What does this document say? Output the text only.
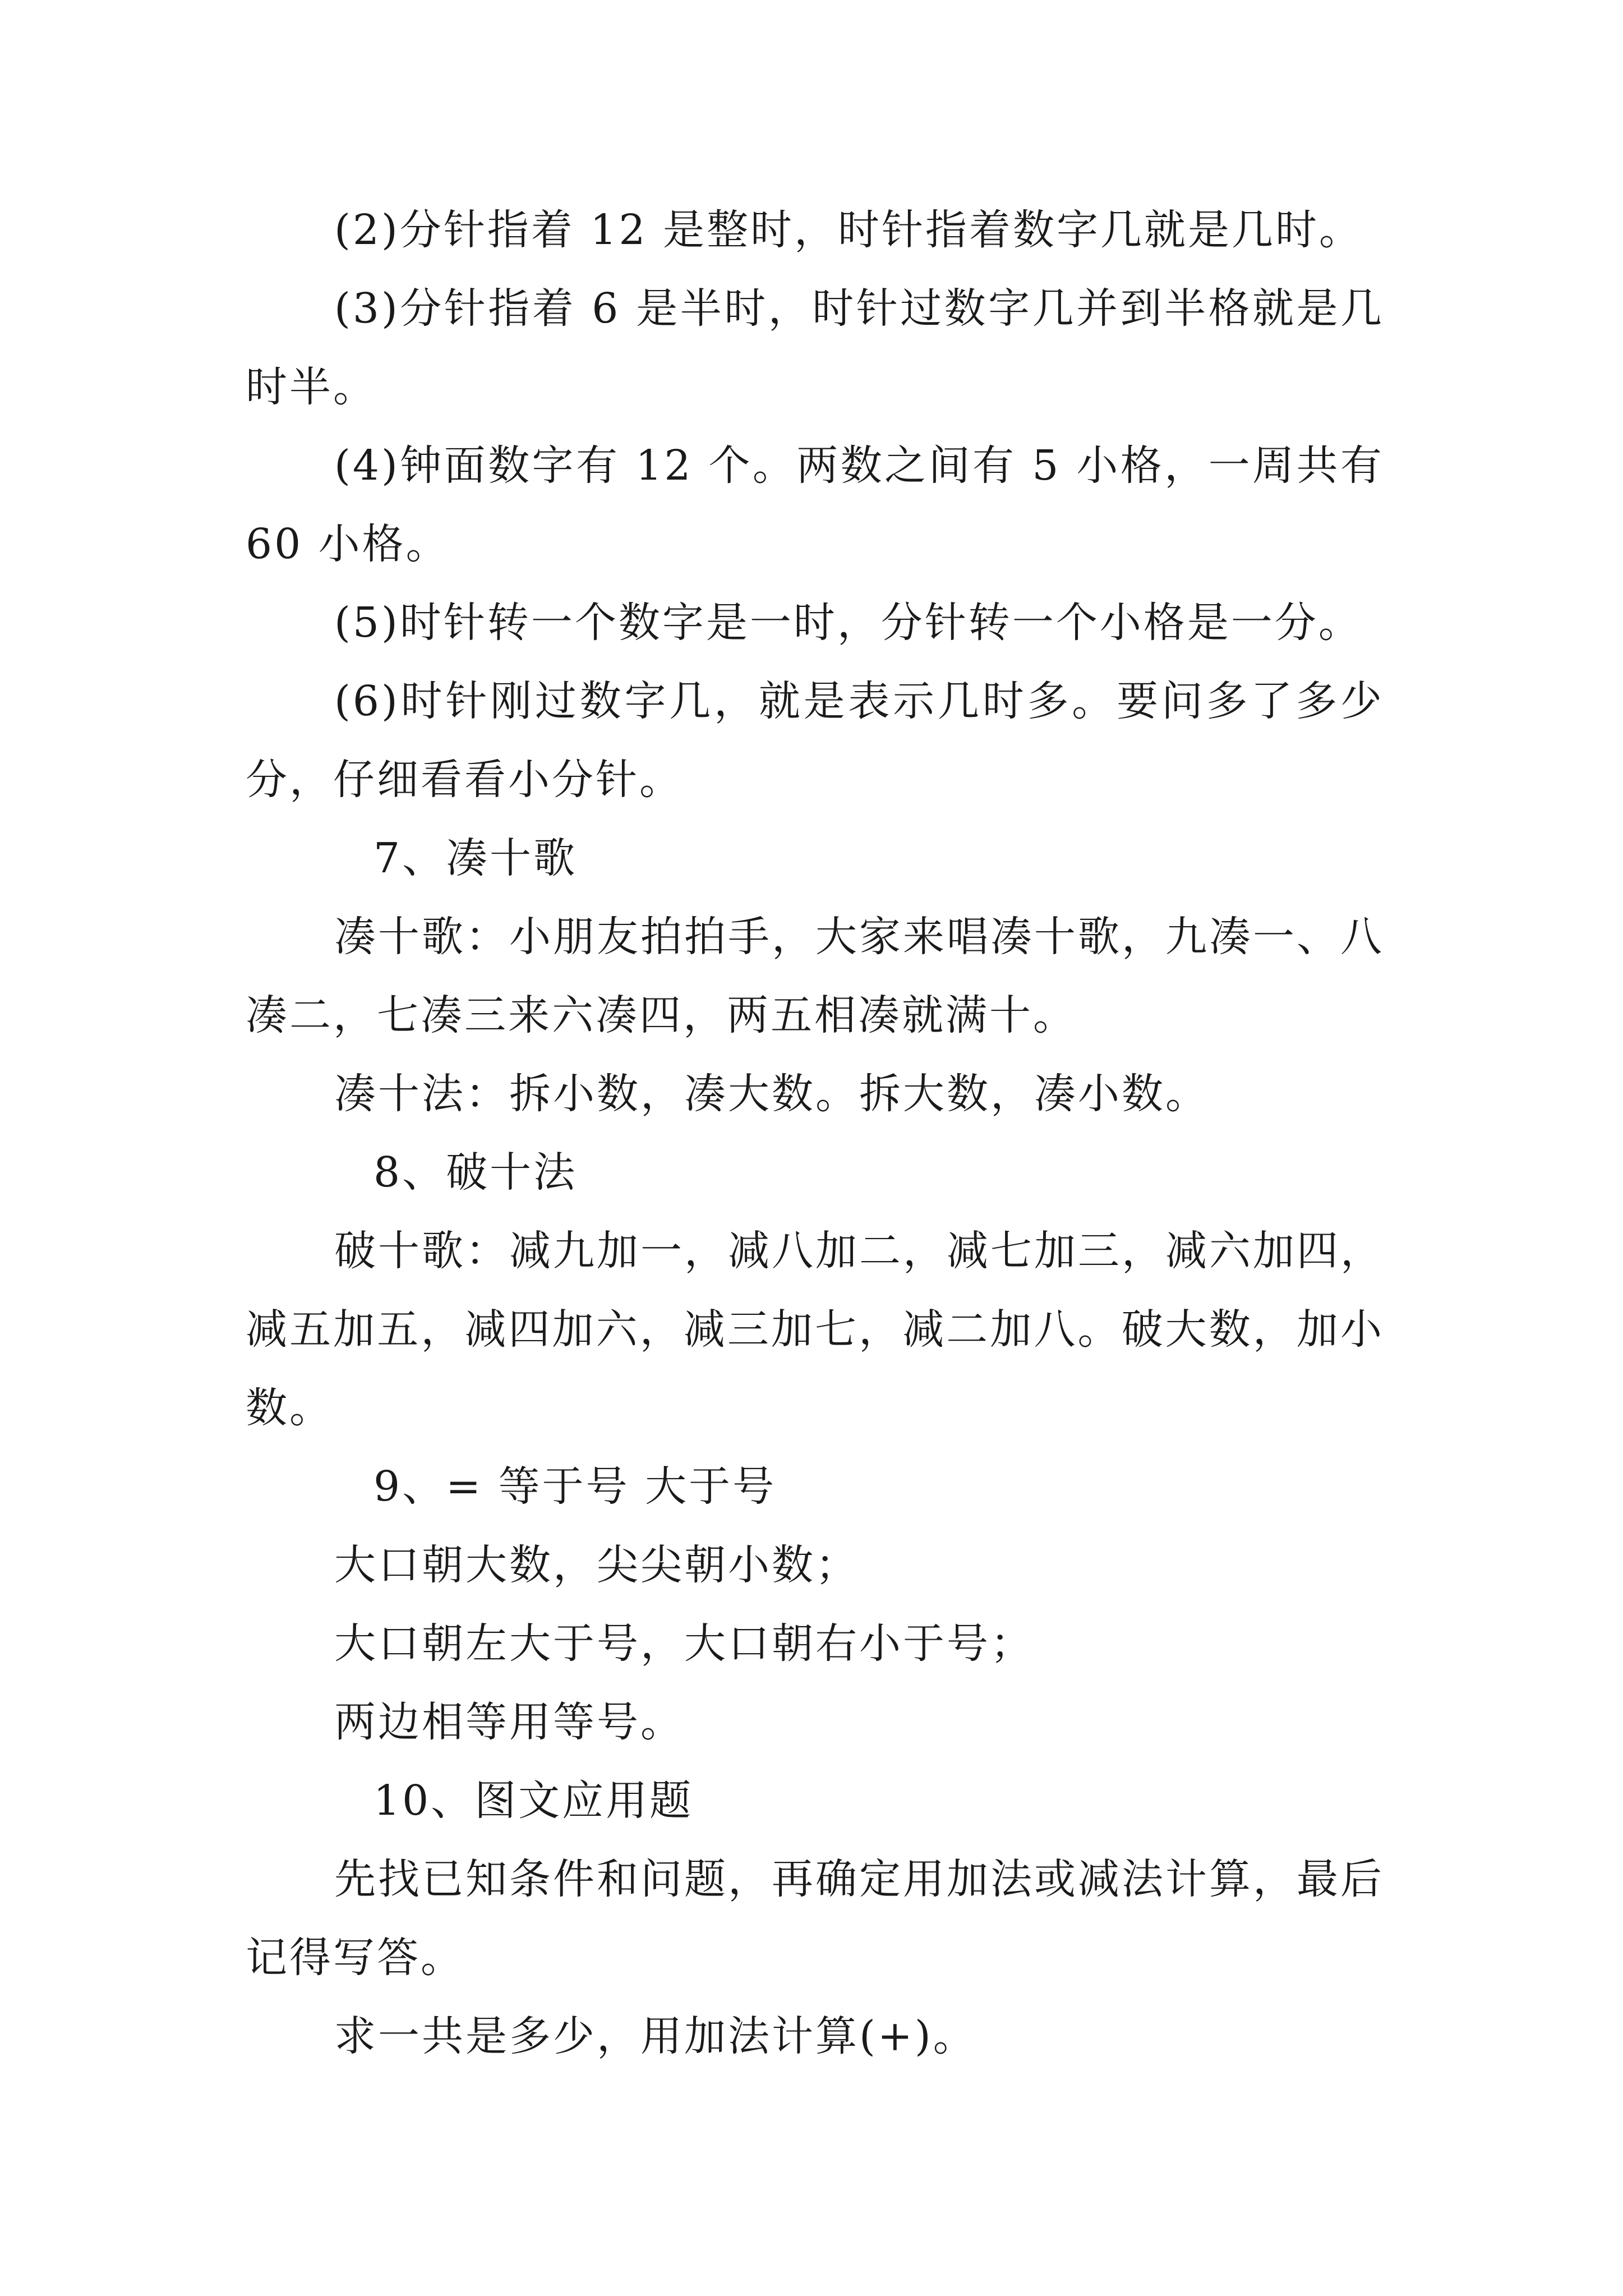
(2)分针指着 12 是整时，时针指着数字几就是几时。

(3)分针指着 6 是半时，时针过数字几并到半格就是几时半。

(4)钟面数字有 12 个。两数之间有 5 小格，一周共有 60 小格。

(5)时针转一个数字是一时，分针转一个小格是一分。

(6)时针刚过数字几，就是表示几时多。要问多了多少分，仔细看看小分针。

7、凑十歌

凑十歌：小朋友拍拍手，大家来唱凑十歌，九凑一、八凑二，七凑三来六凑四，两五相凑就满十。

凑十法：拆小数，凑大数。拆大数，凑小数。

8、破十法

破十歌：减九加一，减八加二，减七加三，减六加四，减五加五，减四加六，减三加七，减二加八。破大数，加小数。

9、= 等于号 大于号

大口朝大数，尖尖朝小数；

大口朝左大于号，大口朝右小于号；

两边相等用等号。

10、图文应用题

先找已知条件和问题，再确定用加法或减法计算，最后记得写答。

求一共是多少，用加法计算(+)。
